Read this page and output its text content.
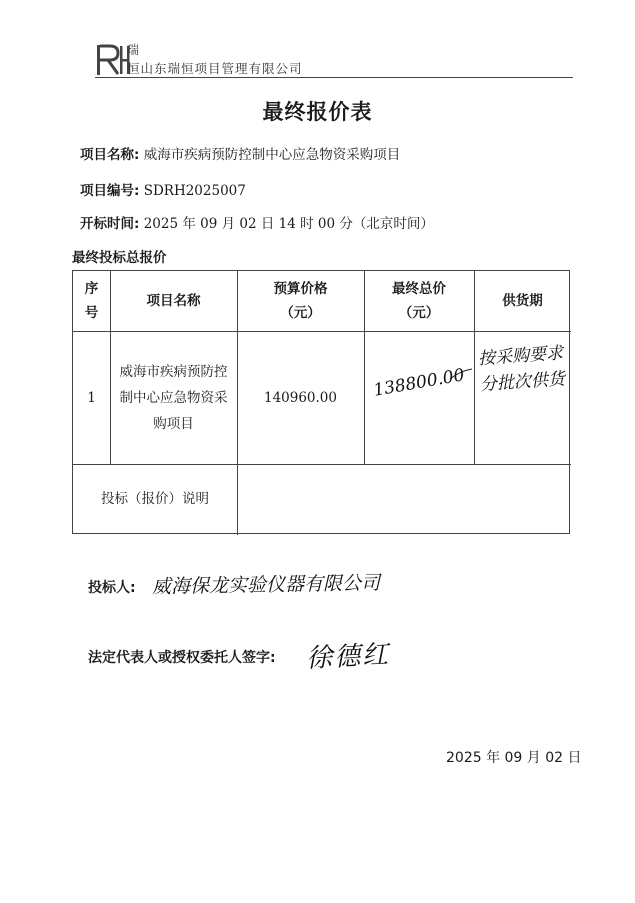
瑞
恒山东瑞恒项目管理有限公司
最终报价表
项目名称: 威海市疾病预防控制中心应急物资采购项目
项目编号: SDRH2025007
开标时间: 2025 年 09 月 02 日 14 时 00 分（北京时间）
最终投标总报价
序号
项目名称
预算价格（元）
最终总价（元）
供货期
1
威海市疾病预防控制中心应急物资采购项目
140960.00	138800.00
按采购要求分批次供货
投标（报价）说明
投标人: 威海保龙实验仪器有限公司
法定代表人或授权委托人签字: 徐德红
2025 年 09 月 02 日
